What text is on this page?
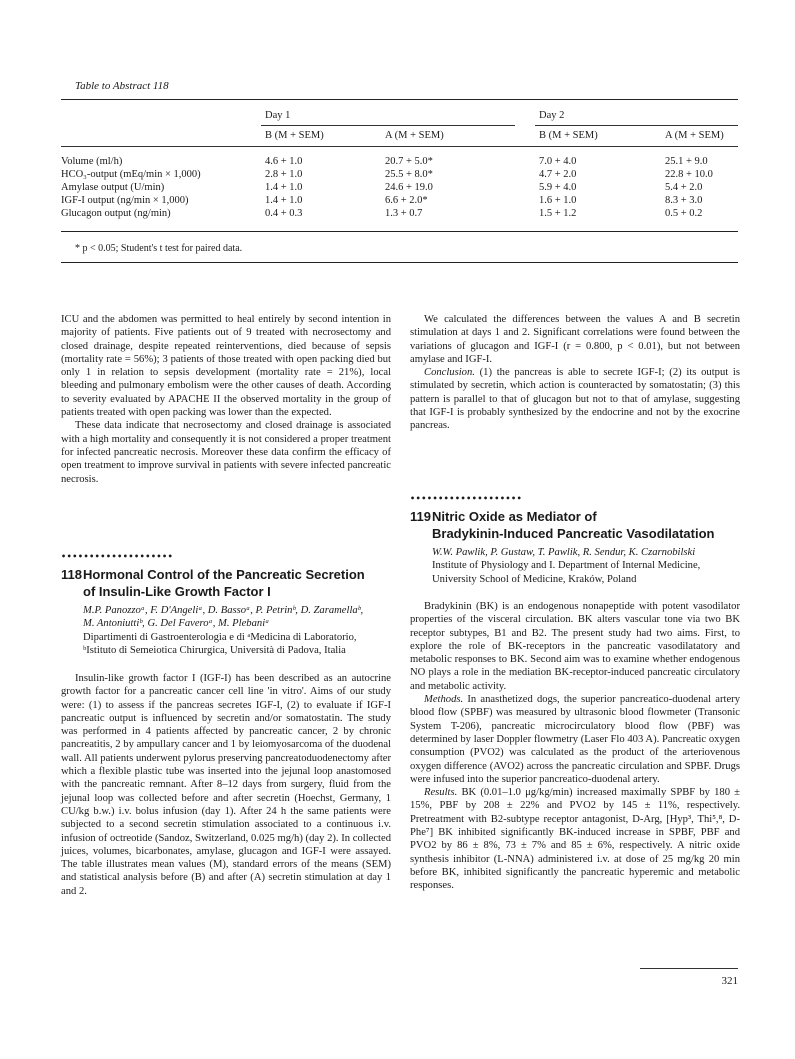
Table to Abstract 118
Day 1	Day 2
B (M + SEM)	A (M + SEM)	B (M + SEM)	A (M + SEM)
Volume (ml/h)	4.6 + 1.0	20.7 + 5.0*	7.0 + 4.0	25.1 + 9.0
HCO₃-output (mEq/min × 1,000)	2.8 + 1.0	25.5 + 8.0*	4.7 + 2.0	22.8 + 10.0
Amylase output (U/min)	1.4 + 1.0	24.6 + 19.0	5.9 + 4.0	5.4 + 2.0
IGF-I output (ng/min × 1,000)	1.4 + 1.0	6.6 + 2.0*	1.6 + 1.0	8.3 + 3.0
Glucagon output (ng/min)	0.4 + 0.3	1.3 + 0.7	1.5 + 1.2	0.5 + 0.2
* p < 0.05; Student's t test for paired data.

ICU and the abdomen was permitted to heal entirely by second intention in majority of patients. Five patients out of 9 treated with necrosectomy and closed drainage, despite repeated reinterventions, died because of sepsis (mortality rate = 56%); 3 patients of those treated with open packing died but only 1 in relation to sepsis development (mortality rate = 21%), local bleeding and pulmonary embolism were the other causes of death. According to severity evaluated by APACHE II the observed mortality in the group of patients treated with open packing was lower than the expected.

These data indicate that necrosectomy and closed drainage is associated with a high mortality and consequently it is not considered a proper treatment for infected pancreatic necrosis. Moreover these data confirm the efficacy of open treatment to improve survival in patients with severe infected pancreatic necrosis.

••••••••••••••••••••
118Hormonal Control of the Pancreatic Secretion
of Insulin-Like Growth Factor I
M.P. Panozzoᵃ, F. D'Angeliᵃ, D. Bassoᵃ, P. Petrinᵇ, D. Zaramellaᵇ,
M. Antoniuttiᵇ, G. Del Faveroᵃ, M. Plebaniᵃ
Dipartimenti di Gastroenterologia e di ᵃMedicina di Laboratorio,
ᵇIstituto di Semeiotica Chirurgica, Università di Padova, Italia

Insulin-like growth factor I (IGF-I) has been described as an autocrine growth factor for a pancreatic cancer cell line 'in vitro'. Aims of our study were: (1) to assess if the pancreas secretes IGF-I, (2) to evaluate if IGF-I pancreatic output is influenced by secretin and/or somatostatin. The study was performed in 4 patients affected by pancreatic cancer, 2 by chronic pancreatitis, 2 by ampullary cancer and 1 by leiomyosarcoma of the duodenal wall. All patients underwent pylorus preserving pancreatoduodenectomy after which a flexible plastic tube was inserted into the jejunal loop anastomosed with the pancreatic remnant. After 8–12 days from surgery, fluid from the jejunal loop was collected before and after secretin (Hoechst, Germany, 1 CU/kg b.w.) i.v. bolus infusion (day 1). After 24 h the same patients were subjected to a second secretin stimulation associated to a continuous i.v. infusion of octreotide (Sandoz, Switzerland, 0.025 mg/h) (day 2). In collected juices, volumes, bicarbonates, amylase, glucagon and IGF-I were assayed. The table illustrates mean values (M), standard errors of the means (SEM) and statistical analysis before (B) and after (A) secretin stimulation at day 1 and 2.

We calculated the differences between the values A and B secretin stimulation at days 1 and 2. Significant correlations were found between the variations of glucagon and IGF-I (r = 0.800, p < 0.01), but not between amylase and IGF-I.

Conclusion. (1) the pancreas is able to secrete IGF-I; (2) its output is stimulated by secretin, which action is counteracted by somatostatin; (3) this pattern is parallel to that of glucagon but not to that of amylase, suggesting that IGF-I is probably synthesized by the endocrine and not by the exocrine pancreas.

••••••••••••••••••••
119Nitric Oxide as Mediator of
Bradykinin-Induced Pancreatic Vasodilatation
W.W. Pawlik, P. Gustaw, T. Pawlik, R. Sendur, K. Czarnobilski
Institute of Physiology and I. Department of Internal Medicine,
University School of Medicine, Kraków, Poland

Bradykinin (BK) is an endogenous nonapeptide with potent vasodilator properties of the visceral circulation. BK alters vascular tone via two BK receptor subtypes, B1 and B2. The present study had two aims. First, to explore the role of BK-receptors in the pancreatic vasodilatatory and metabolic responses to BK. Second aim was to examine whether endogenous NO plays a role in the mediation BK-receptor-induced pancreatic circulatory and metabolic activity.

Methods. In anasthetized dogs, the superior pancreatico-duodenal artery blood flow (SPBF) was measured by ultrasonic blood flowmeter (Transonic System T-206), pancreatic microcirculatory blood flow (PBF) was determined by laser Doppler flowmetry (Laser Flo 403 A). Pancreatic oxygen consumption (PVO2) was calculated as the product of the arteriovenous oxygen difference (AVO2) across the pancreatic circulation and SPBF. Drugs were infused into the superior pancreatico-duodenal artery.

Results. BK (0.01–1.0 μg/kg/min) increased maximally SPBF by 180 ± 15%, PBF by 208 ± 22% and PVO2 by 145 ± 11%, respectively. Pretreatment with B2-subtype receptor antagonist, D-Arg, [Hyp³, Thi⁵,⁸, D-Phe⁷] BK inhibited significantly BK-induced increase in SPBF, PBF and PVO2 by 86 ± 8%, 73 ± 7% and 85 ± 6%, respectively. A nitric oxide synthesis inhibitor (L-NNA) administered i.v. at dose of 25 mg/kg 20 min before BK, inhibited significantly the pancreatic hyperemic and metabolic responses.

321
